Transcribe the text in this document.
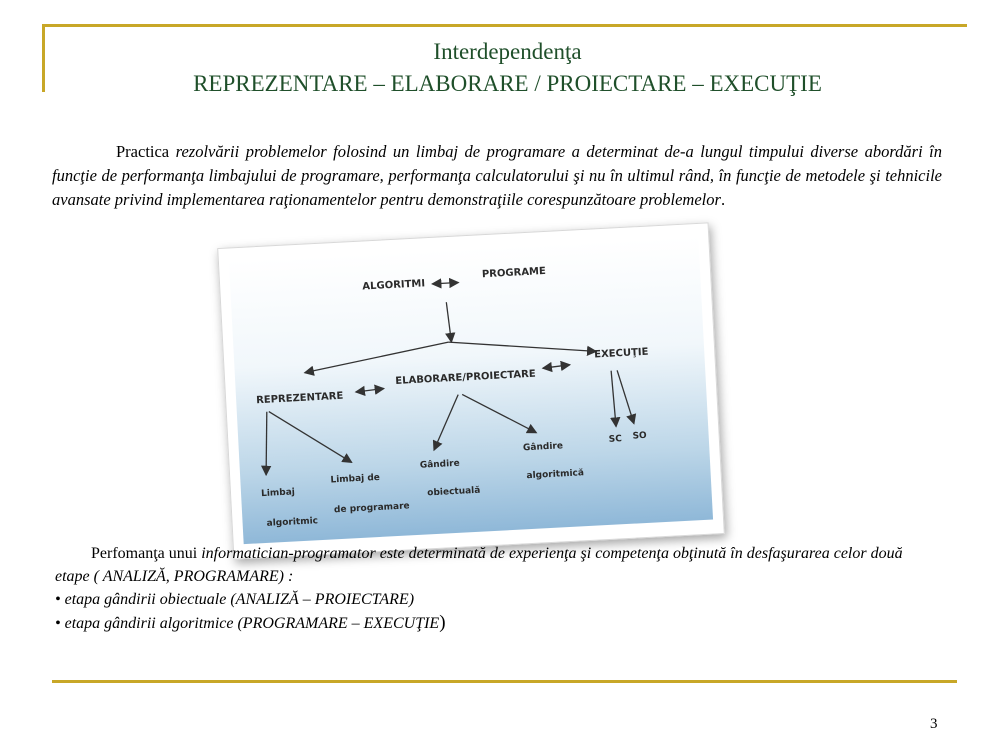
Interdependenţa
REPREZENTARE – ELABORARE / PROIECTARE – EXECUŢIE
Practica rezolvării problemelor folosind un limbaj de programare a determinat de-a lungul timpului diverse abordări în funcţie de performanţa limbajului de programare, performanţa calculatorului şi nu în ultimul rând, în funcţie de metodele şi tehnicile avansate privind implementarea raţionamentelor pentru demonstraţiile corespunzătoare problemelor.
ALGORITMI
PROGRAME
REPREZENTARE
ELABORARE/PROIECTARE
EXECUŢIE
Limbaj
algoritmic
Limbaj de
de programare
Gândire
obiectuală
Gândire
algoritmică
SC SO
Perfomanţa unui informatician-programator este determinată de experienţa şi competenţa obţinută în desfaşurarea celor două etape ( ANALIZĂ, PROGRAMARE) :
• etapa gândirii obiectuale (ANALIZĂ – PROIECTARE)
• etapa gândirii algoritmice (PROGRAMARE – EXECUŢIE)
3
